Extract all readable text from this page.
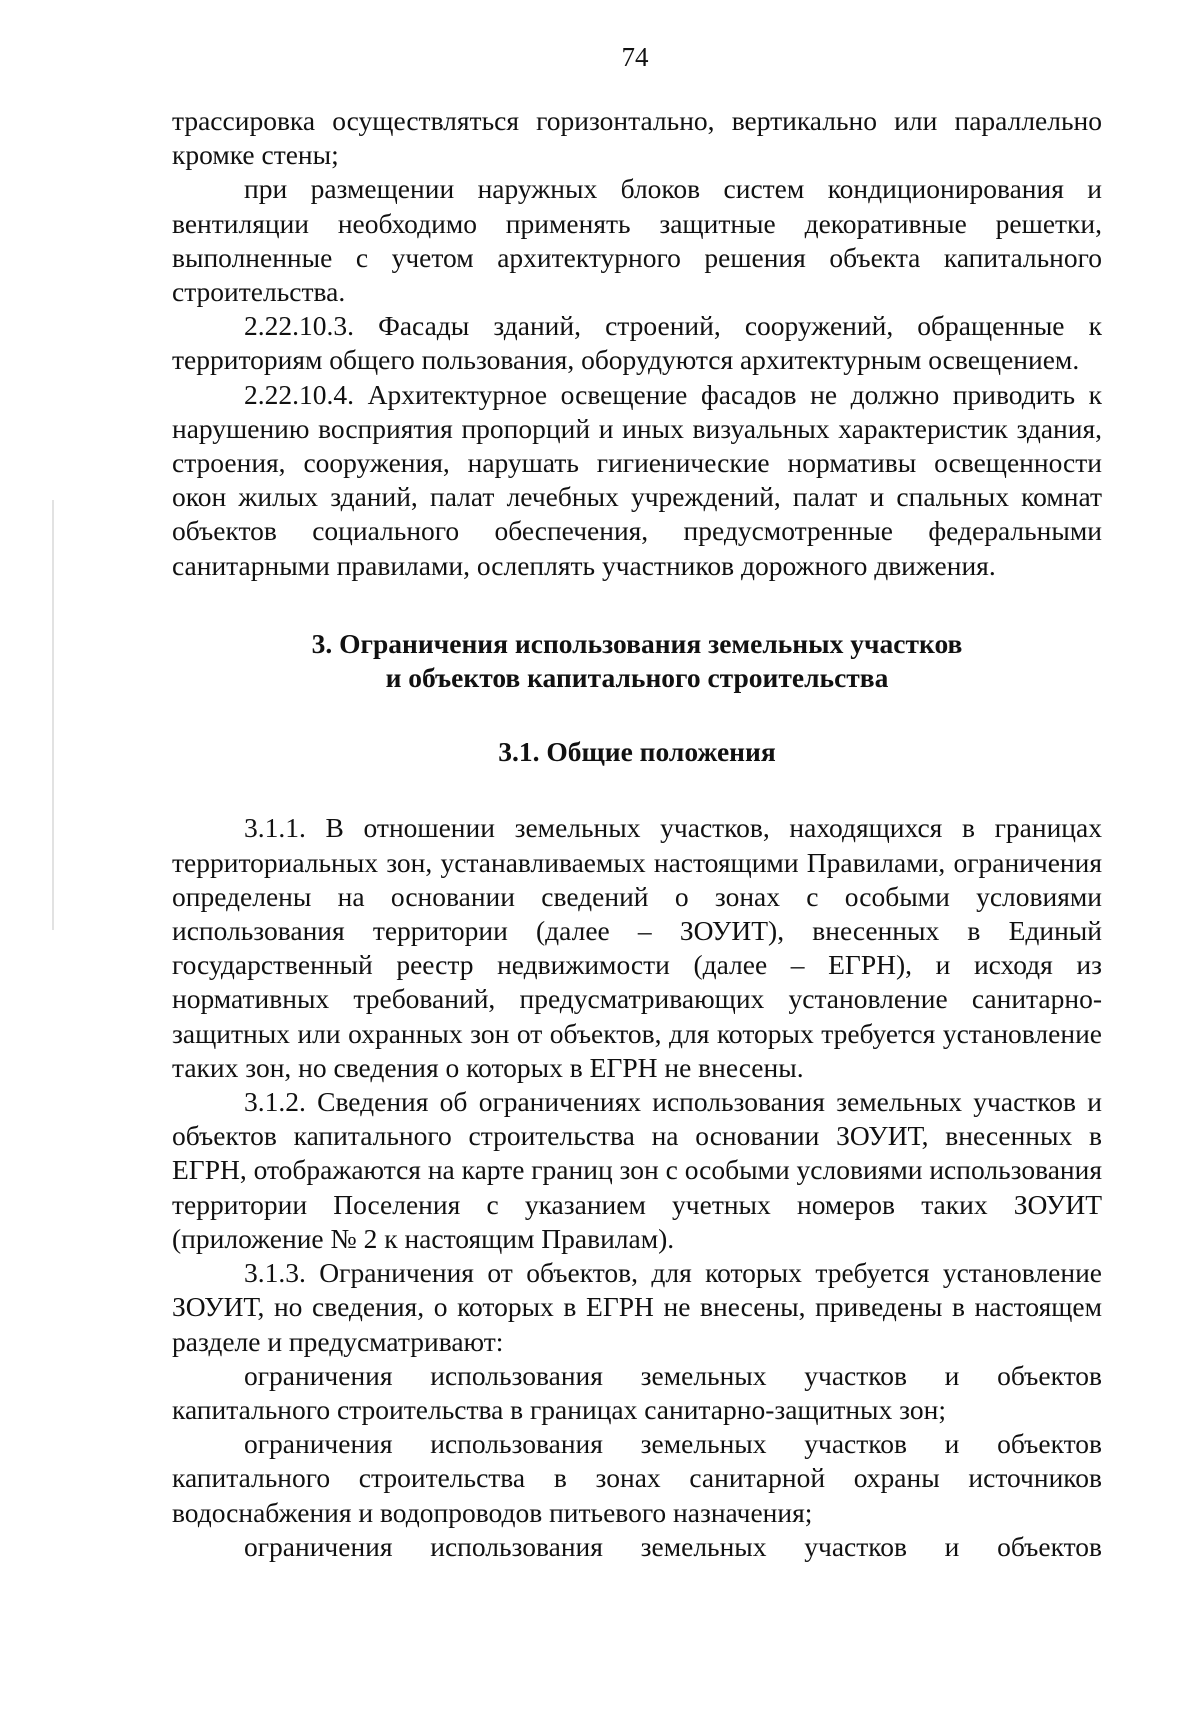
74

трассировка осуществляться горизонтально, вертикально или параллельно кромке стены;

при размещении наружных блоков систем кондиционирования и вентиляции необходимо применять защитные декоративные решетки, выполненные с учетом архитектурного решения объекта капитального строительства.

2.22.10.3. Фасады зданий, строений, сооружений, обращенные к территориям общего пользования, оборудуются архитектурным освещением.

2.22.10.4. Архитектурное освещение фасадов не должно приводить к нарушению восприятия пропорций и иных визуальных характеристик здания, строения, сооружения, нарушать гигиенические нормативы освещенности окон жилых зданий, палат лечебных учреждений, палат и спальных комнат объектов социального обеспечения, предусмотренные федеральными санитарными правилами, ослеплять участников дорожного движения.

3. Ограничения использования земельных участков
и объектов капитального строительства

3.1. Общие положения

3.1.1. В отношении земельных участков, находящихся в границах территориальных зон, устанавливаемых настоящими Правилами, ограничения определены на основании сведений о зонах с особыми условиями использования территории (далее – ЗОУИТ), внесенных в Единый государственный реестр недвижимости (далее – ЕГРН), и исходя из нормативных требований, предусматривающих установление санитарно-защитных или охранных зон от объектов, для которых требуется установление таких зон, но сведения о которых в ЕГРН не внесены.

3.1.2. Сведения об ограничениях использования земельных участков и объектов капитального строительства на основании ЗОУИТ, внесенных в ЕГРН, отображаются на карте границ зон с особыми условиями использования территории Поселения с указанием учетных номеров таких ЗОУИТ (приложение № 2 к настоящим Правилам).

3.1.3. Ограничения от объектов, для которых требуется установление ЗОУИТ, но сведения, о которых в ЕГРН не внесены, приведены в настоящем разделе и предусматривают:

ограничения использования земельных участков и объектов капитального строительства в границах санитарно-защитных зон;

ограничения использования земельных участков и объектов капитального строительства в зонах санитарной охраны источников водоснабжения и водопроводов питьевого назначения;

ограничения использования земельных участков и объектов
